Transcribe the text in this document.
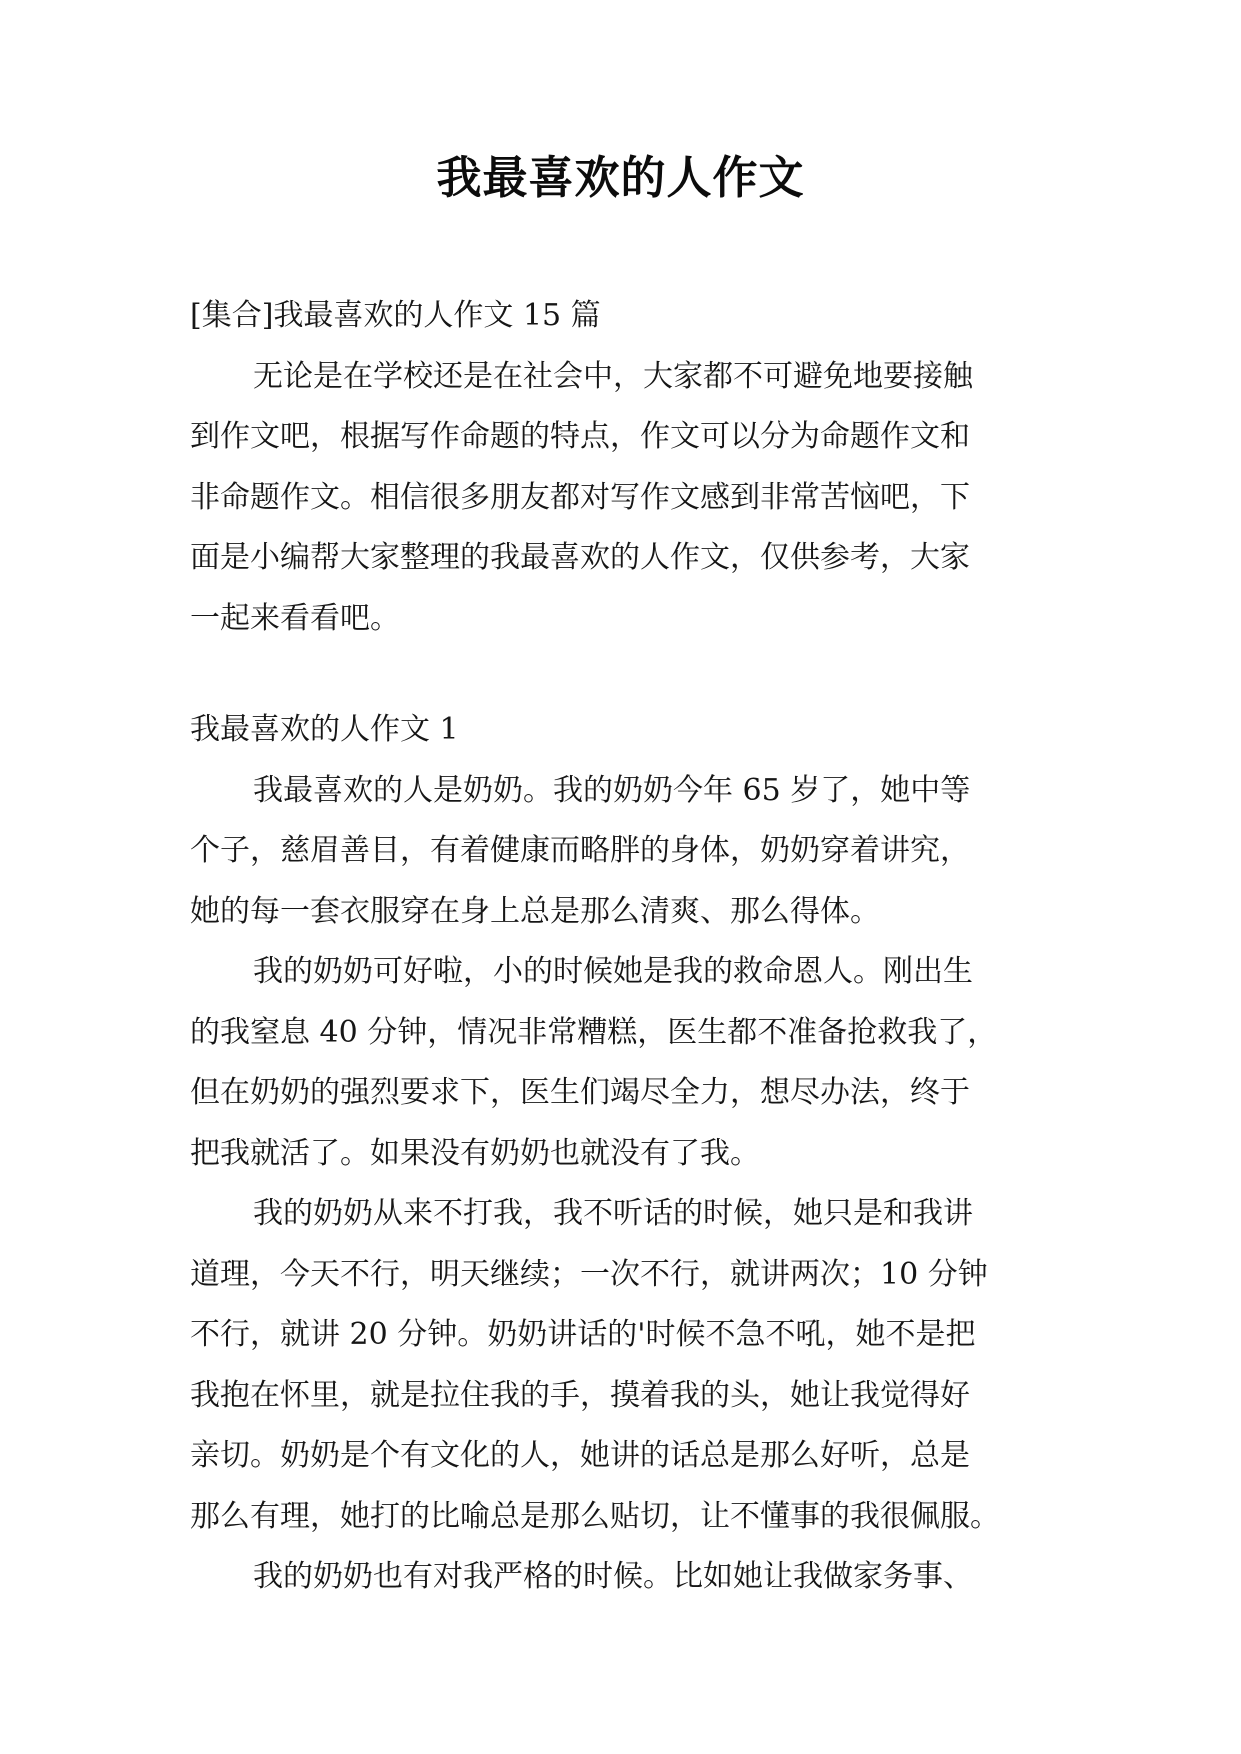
我最喜欢的人作文
[集合]我最喜欢的人作文 15 篇
无论是在学校还是在社会中，大家都不可避免地要接触
到作文吧，根据写作命题的特点，作文可以分为命题作文和
非命题作文。相信很多朋友都对写作文感到非常苦恼吧，下
面是小编帮大家整理的我最喜欢的人作文，仅供参考，大家
一起来看看吧。
我最喜欢的人作文 1
我最喜欢的人是奶奶。我的奶奶今年 65 岁了，她中等
个子，慈眉善目，有着健康而略胖的身体，奶奶穿着讲究，
她的每一套衣服穿在身上总是那么清爽、那么得体。
我的奶奶可好啦，小的时候她是我的救命恩人。刚出生
的我窒息 40 分钟，情况非常糟糕，医生都不准备抢救我了，
但在奶奶的强烈要求下，医生们竭尽全力，想尽办法，终于
把我就活了。如果没有奶奶也就没有了我。
我的奶奶从来不打我，我不听话的时候，她只是和我讲
道理，今天不行，明天继续；一次不行，就讲两次；10 分钟
不行，就讲 20 分钟。奶奶讲话的'时候不急不吼，她不是把
我抱在怀里，就是拉住我的手，摸着我的头，她让我觉得好
亲切。奶奶是个有文化的人，她讲的话总是那么好听，总是
那么有理，她打的比喻总是那么贴切，让不懂事的我很佩服。
我的奶奶也有对我严格的时候。比如她让我做家务事、
